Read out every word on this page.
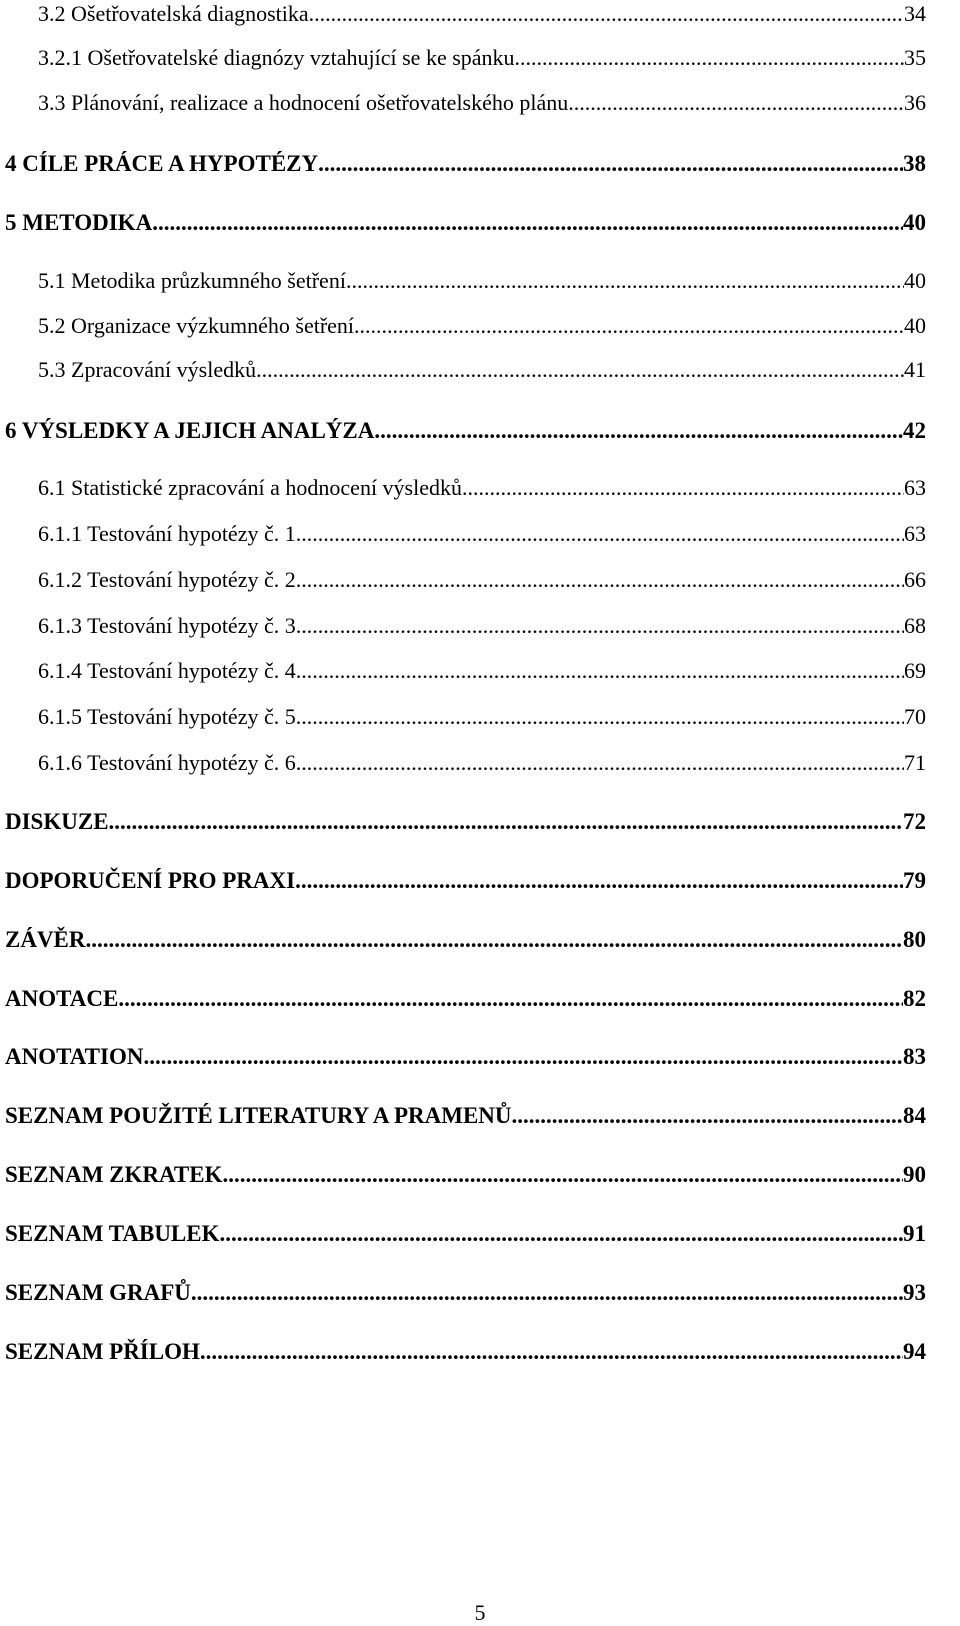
3.2 Ošetřovatelská diagnostika .....	34
3.2.1 Ošetřovatelské diagnózy vztahující se ke spánku .....	35
3.3 Plánování, realizace a hodnocení ošetřovatelského plánu .....	36
4 CÍLE PRÁCE A HYPOTÉZY .....	38
5 METODIKA .....	40
5.1 Metodika průzkumného šetření .....	40
5.2 Organizace výzkumného šetření .....	40
5.3 Zpracování výsledků .....	41
6 VÝSLEDKY A JEJICH ANALÝZA .....	42
6.1 Statistické zpracování a hodnocení výsledků .....	63
6.1.1 Testování hypotézy č. 1 .....	63
6.1.2 Testování hypotézy č. 2 .....	66
6.1.3 Testování hypotézy č. 3 .....	68
6.1.4 Testování hypotézy č. 4 .....	69
6.1.5 Testování hypotézy č. 5 .....	70
6.1.6 Testování hypotézy č. 6 .....	71
DISKUZE .....	72
DOPORUČENÍ PRO PRAXI .....	79
ZÁVĚR .....	80
ANOTACE .....	82
ANOTATION .....	83
SEZNAM POUŽITÉ LITERATURY A PRAMENŮ .....	84
SEZNAM ZKRATEK .....	90
SEZNAM TABULEK .....	91
SEZNAM GRAFŮ .....	93
SEZNAM PŘÍLOH .....	94
5
